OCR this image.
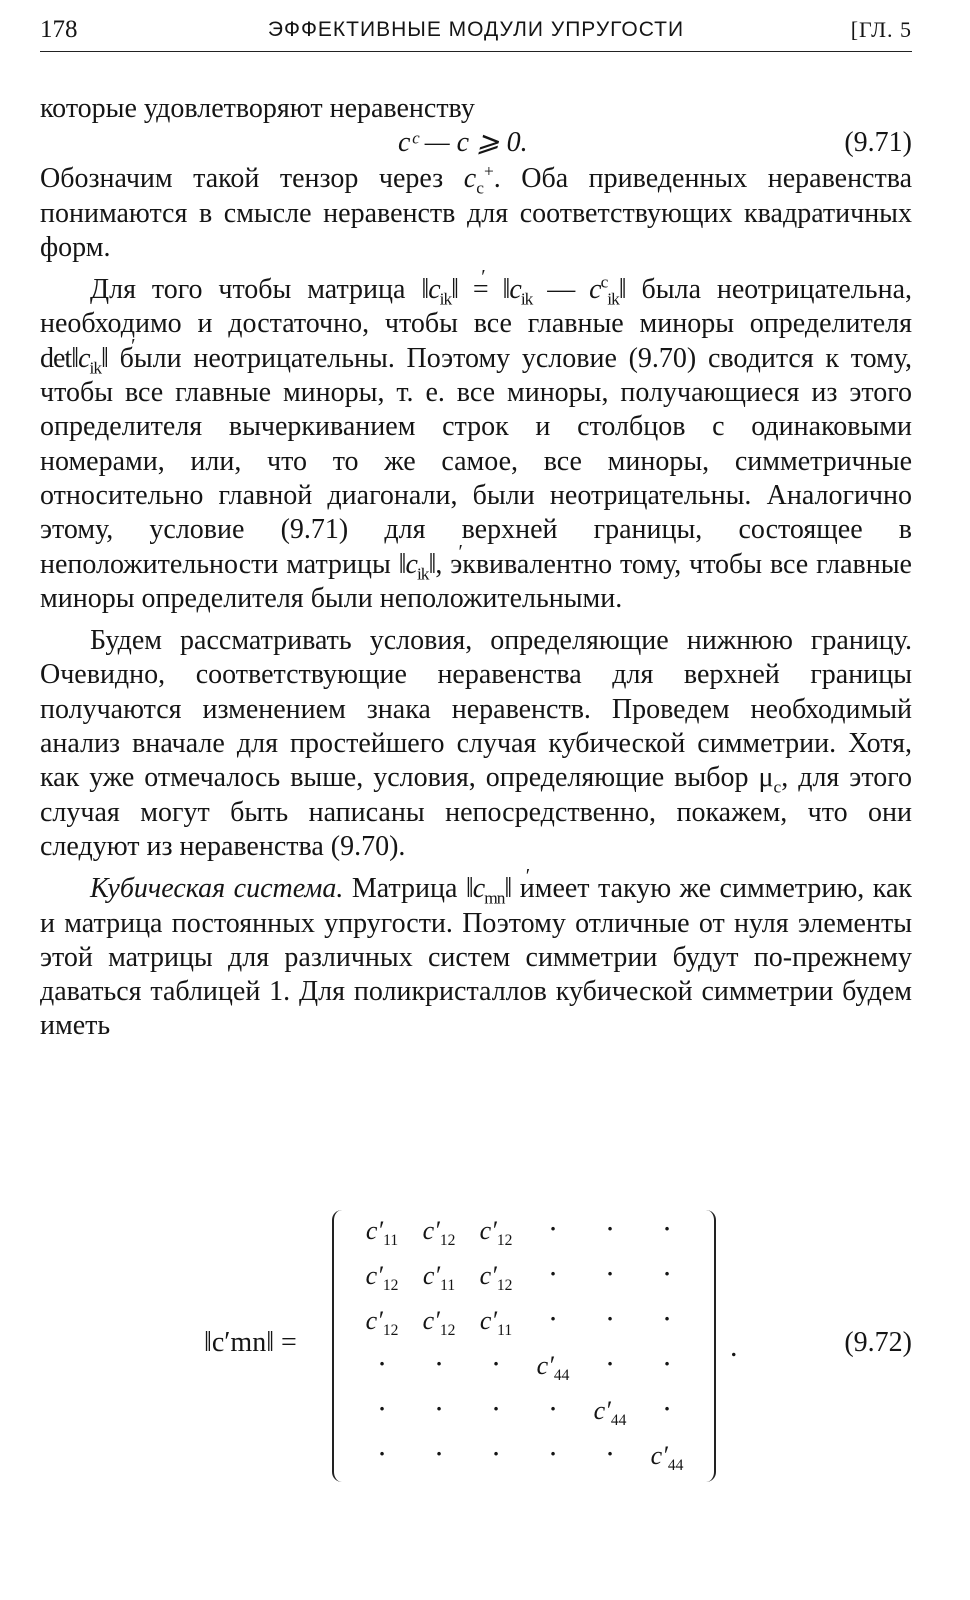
178	ЭФФЕКТИВНЫЕ МОДУЛИ УПРУГОСТИ	[ГЛ. 5

которые удовлетворяют неравенству

cᶜ — c ⩾ 0.	(9.71)

Обозначим такой тензор через $c_c^+$. Оба приведенных неравенства понимаются в смысле неравенств для соответствующих квадратичных форм.

Для того чтобы матрица ‖c $'_{ik}‖$ = $‖c_{ik}$ — $c^c_{ik}‖$ была неотрицательна, необходимо и достаточно, чтобы все главные миноры определителя det‖c $'_{ik}‖$ были неотрицательны. Поэтому условие (9.70) сводится к тому, чтобы все главные миноры, т. е. все миноры, получающиеся из этого определителя вычеркиванием строк и столбцов с одинаковыми номерами, или, что то же самое, все миноры, симметричные относительно главной диагонали, были неотрицательны. Аналогично этому, условие (9.71) для верхней границы, состоящее в неположительности матрицы ‖c $'_{ik}‖$, эквивалентно тому, чтобы все главные миноры определителя были неположительными.

Будем рассматривать условия, определяющие нижнюю границу. Очевидно, соответствующие неравенства для верхней границы получаются изменением знака неравенств. Проведем необходимый анализ вначале для простейшего случая кубической симметрии. Хотя, как уже отмечалось выше, условия, определяющие выбор $\mu_c$, для этого случая могут быть написаны непосредственно, покажем, что они следуют из неравенства (9.70).

Кубическая система. Матрица ‖c $'_{mn}‖$ имеет такую же симметрию, как и матрица постоянных упругости. Поэтому отличные от нуля элементы этой матрицы для различных систем симметрии будут по-прежнему даваться таблицей 1. Для поликристаллов кубической симметрии будем иметь

‖c′mn‖ =
$c'_{11}$ $c'_{12}$ $c'_{12}$	·	·	·
$c'_{12}$ $c'_{11}$ $c'_{12}$	·	·	·
$c'_{12}$ $c'_{12}$ $c'_{11}$	·	·	·
·	·	·	$c'_{44}$	·	·
·	·	·	·	$c'_{44}$	·
·	·	·	·	·	$c'_{44}$
.	(9.72)
